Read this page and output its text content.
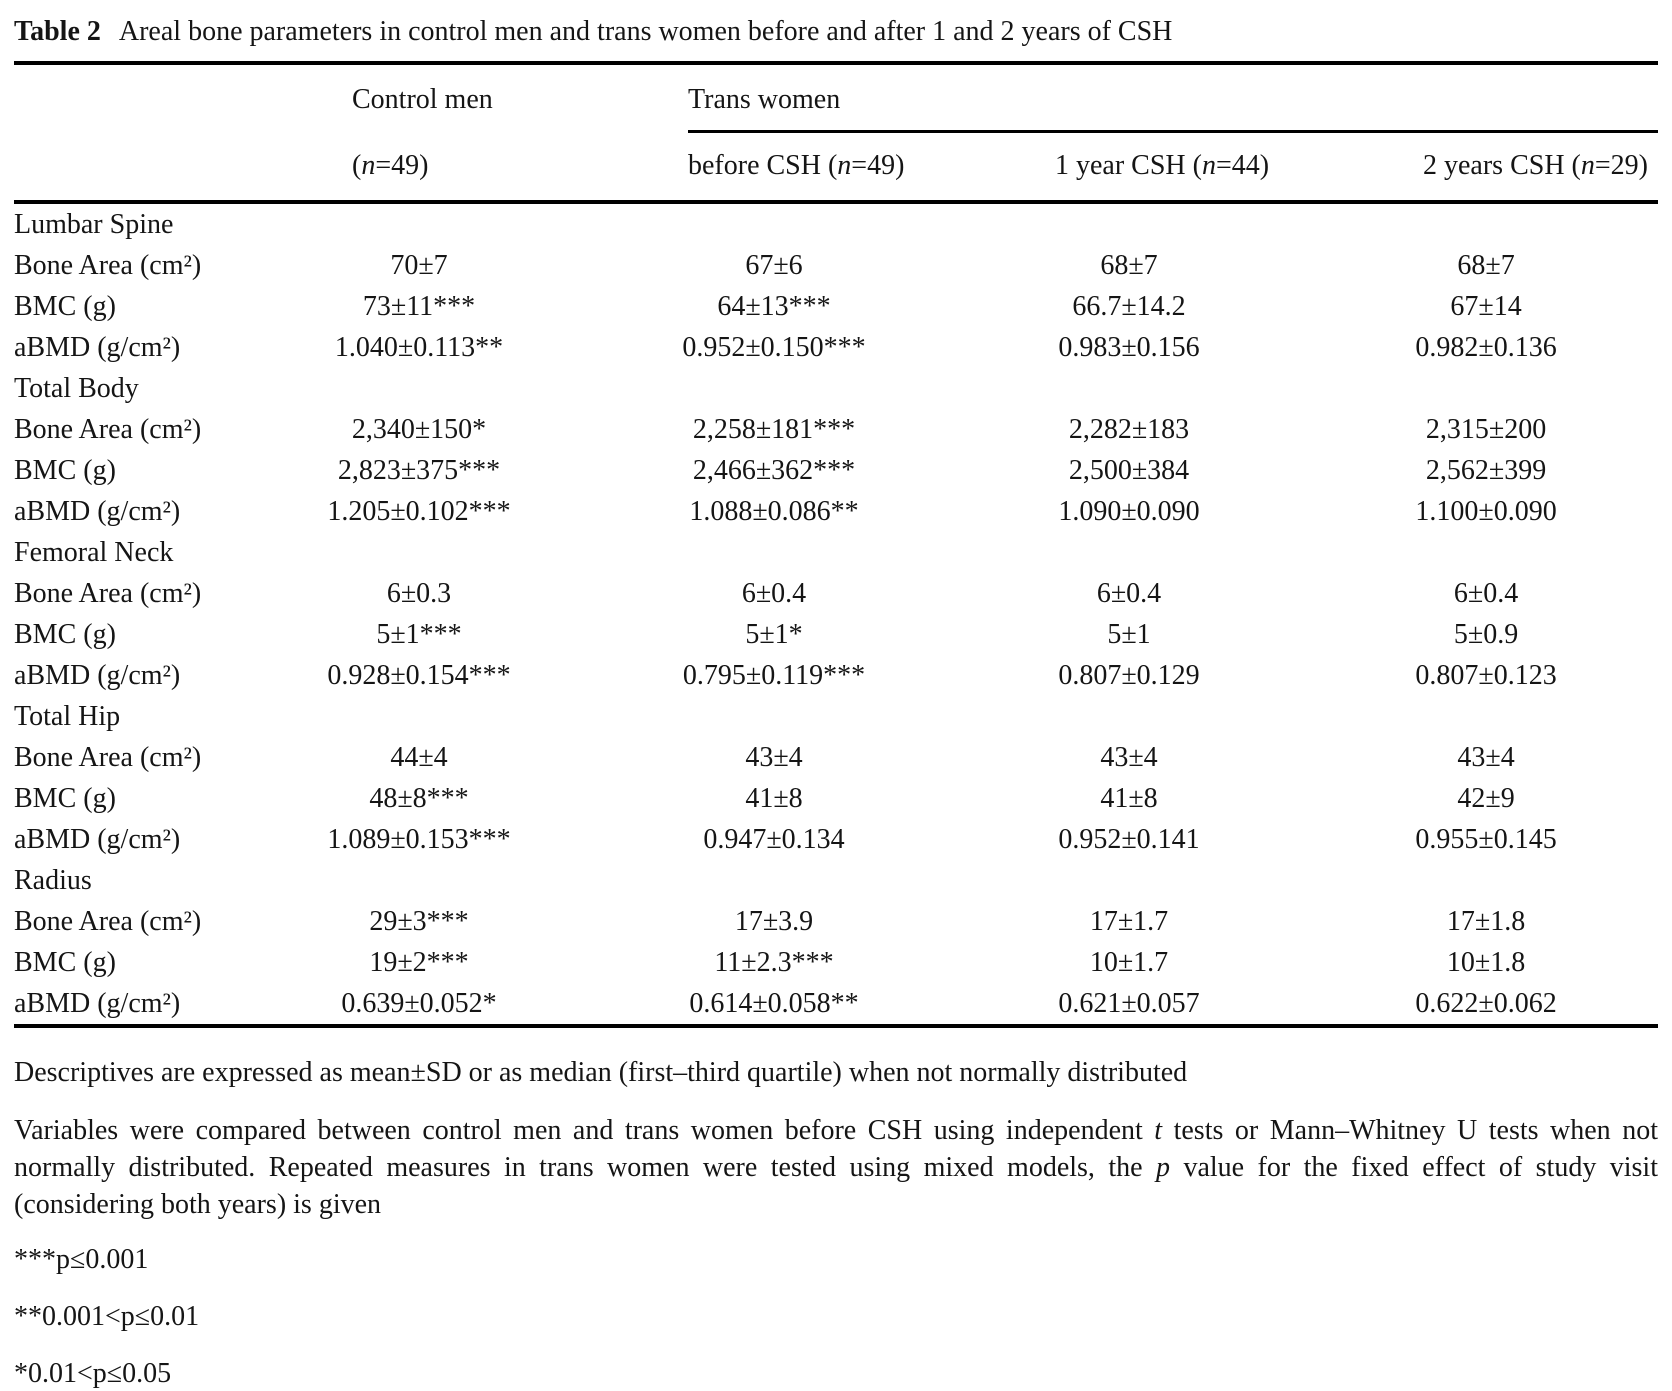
Table 2 Areal bone parameters in control men and trans women before and after 1 and 2 years of CSH
	Control men	Trans women		

	(n=49)	before CSH (n=49)	1 year CSH (n=44)	2 years CSH (n=29)
Lumbar Spine				
Bone Area (cm²)	70±7	67±6	68±7	68±7
BMC (g)	73±11***	64±13***	66.7±14.2	67±14
aBMD (g/cm²)	1.040±0.113**	0.952±0.150***	0.983±0.156	0.982±0.136
Total Body				
Bone Area (cm²)	2,340±150*	2,258±181***	2,282±183	2,315±200
BMC (g)	2,823±375***	2,466±362***	2,500±384	2,562±399
aBMD (g/cm²)	1.205±0.102***	1.088±0.086**	1.090±0.090	1.100±0.090
Femoral Neck				
Bone Area (cm²)	6±0.3	6±0.4	6±0.4	6±0.4
BMC (g)	5±1***	5±1*	5±1	5±0.9
aBMD (g/cm²)	0.928±0.154***	0.795±0.119***	0.807±0.129	0.807±0.123
Total Hip				
Bone Area (cm²)	44±4	43±4	43±4	43±4
BMC (g)	48±8***	41±8	41±8	42±9
aBMD (g/cm²)	1.089±0.153***	0.947±0.134	0.952±0.141	0.955±0.145
Radius				
Bone Area (cm²)	29±3***	17±3.9	17±1.7	17±1.8
BMC (g)	19±2***	11±2.3***	10±1.7	10±1.8
aBMD (g/cm²)	0.639±0.052*	0.614±0.058**	0.621±0.057	0.622±0.062

Descriptives are expressed as mean±SD or as median (first–third quartile) when not normally distributed

Variables were compared between control men and trans women before CSH using independent t tests or Mann–Whitney U tests when not normally distributed. Repeated measures in trans women were tested using mixed models, the p value for the fixed effect of study visit (considering both years) is given

***p≤0.001

**0.001<p≤0.01

*0.01<p≤0.05
